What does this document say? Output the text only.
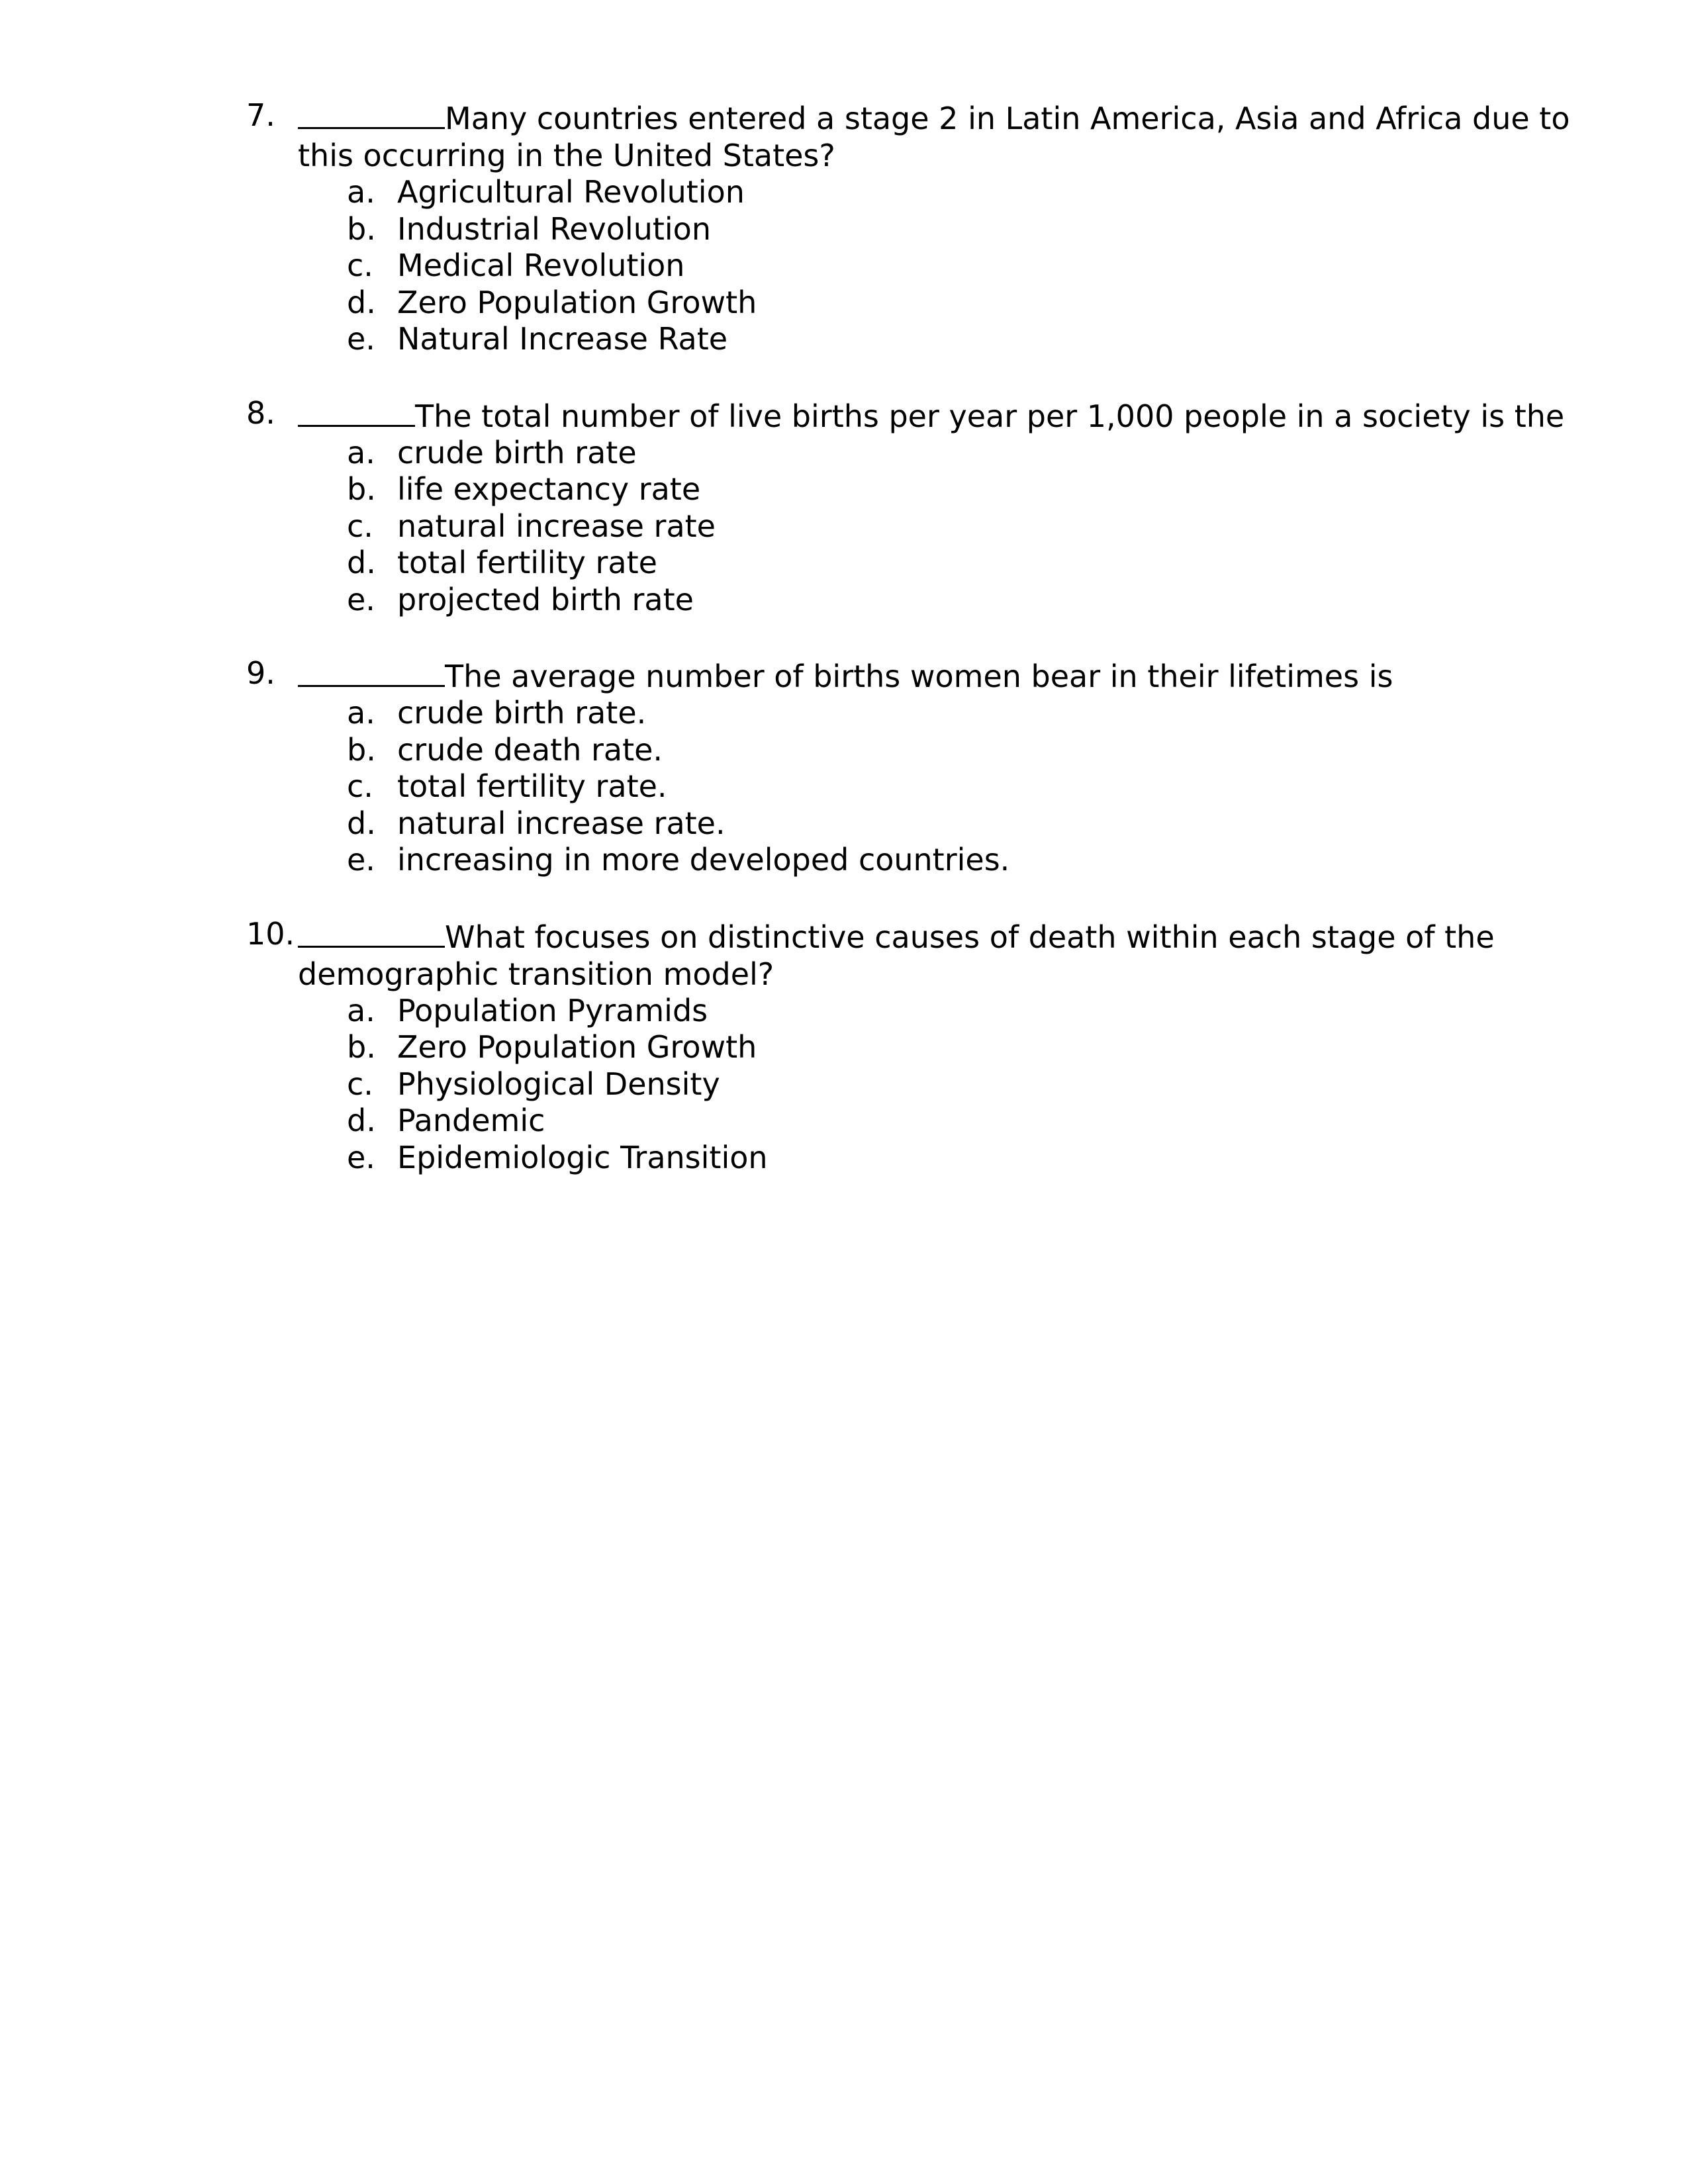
7.	Many countries entered a stage 2 in Latin America, Asia and Africa due to this occurring in the United States?
a. Agricultural Revolution
b. Industrial Revolution
c. Medical Revolution
d. Zero Population Growth
e. Natural Increase Rate
8.	The total number of live births per year per 1,000 people in a society is the
a. crude birth rate
b. life expectancy rate
c. natural increase rate
d. total fertility rate
e. projected birth rate
9.	The average number of births women bear in their lifetimes is
a. crude birth rate.
b. crude death rate.
c. total fertility rate.
d. natural increase rate.
e. increasing in more developed countries.
10.	What focuses on distinctive causes of death within each stage of the demographic transition model?
a. Population Pyramids
b. Zero Population Growth
c. Physiological Density
d. Pandemic
e. Epidemiologic Transition
